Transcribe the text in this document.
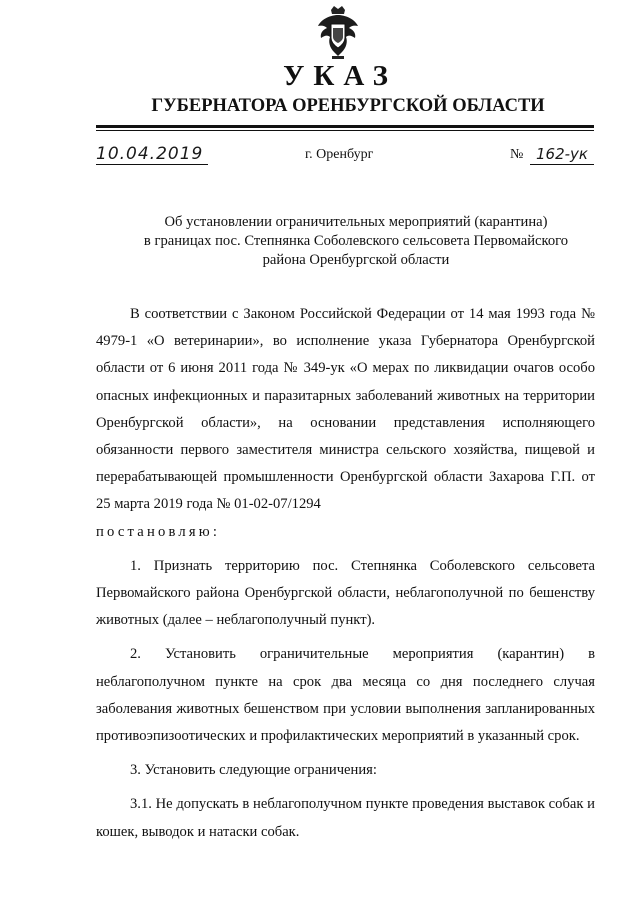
УКАЗ
ГУБЕРНАТОРА ОРЕНБУРГСКОЙ ОБЛАСТИ
10.04.2019	г. Оренбург	№ 162-ук
Об установлении ограничительных мероприятий (карантина)
в границах пос. Степнянка Соболевского сельсовета Первомайского
района Оренбургской области
В соответствии с Законом Российской Федерации от 14 мая 1993 года № 4979-1 «О ветеринарии», во исполнение указа Губернатора Оренбургской области от 6 июня 2011 года № 349-ук «О мерах по ликвидации очагов особо опасных инфекционных и паразитарных заболеваний животных на территории Оренбургской области», на основании представления исполняющего обязанности первого заместителя министра сельского хозяйства, пищевой и перерабатывающей промышленности Оренбургской области Захарова Г.П. от 25 марта 2019 года № 01-02-07/1294
постановляю:
1. Признать территорию пос. Степнянка Соболевского сельсовета Первомайского района Оренбургской области, неблагополучной по бешенству животных (далее – неблагополучный пункт).
2. Установить ограничительные мероприятия (карантин) в неблагополучном пункте на срок два месяца со дня последнего случая заболевания животных бешенством при условии выполнения запланированных противоэпизоотических и профилактических мероприятий в указанный срок.
3. Установить следующие ограничения:
3.1. Не допускать в неблагополучном пункте проведения выставок собак и кошек, выводок и натаски собак.
